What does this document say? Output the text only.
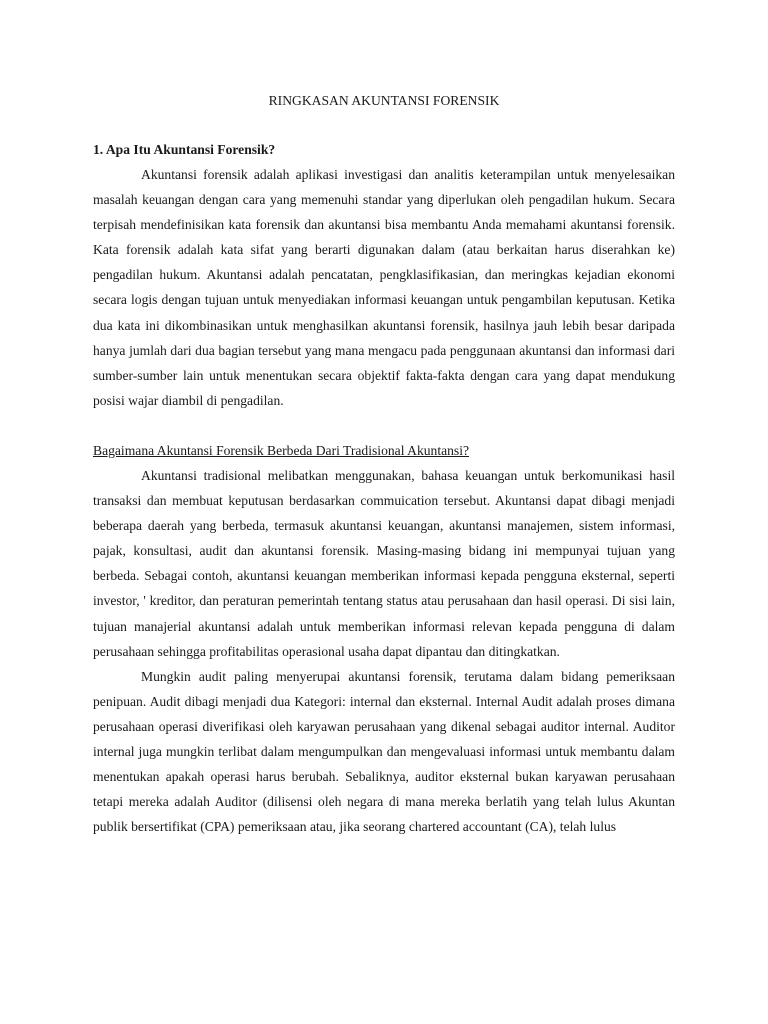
RINGKASAN AKUNTANSI FORENSIK

1. Apa Itu Akuntansi Forensik?

Akuntansi forensik adalah aplikasi investigasi dan analitis keterampilan untuk menyelesaikan masalah keuangan dengan cara yang memenuhi standar yang diperlukan oleh pengadilan hukum. Secara terpisah mendefinisikan kata forensik dan akuntansi bisa membantu Anda memahami akuntansi forensik. Kata forensik adalah kata sifat yang berarti digunakan dalam (atau berkaitan harus diserahkan ke) pengadilan hukum. Akuntansi adalah pencatatan, pengklasifikasian, dan meringkas kejadian ekonomi secara logis dengan tujuan untuk menyediakan informasi keuangan untuk pengambilan keputusan. Ketika dua kata ini dikombinasikan untuk menghasilkan akuntansi forensik, hasilnya jauh lebih besar daripada hanya jumlah dari dua bagian tersebut yang mana mengacu pada penggunaan akuntansi dan informasi dari sumber-sumber lain untuk menentukan secara objektif fakta-fakta dengan cara yang dapat mendukung posisi wajar diambil di pengadilan.

Bagaimana Akuntansi Forensik Berbeda Dari Tradisional Akuntansi?

Akuntansi tradisional melibatkan menggunakan, bahasa keuangan untuk berkomunikasi hasil transaksi dan membuat keputusan berdasarkan commuication tersebut. Akuntansi dapat dibagi menjadi beberapa daerah yang berbeda, termasuk akuntansi keuangan, akuntansi manajemen, sistem informasi, pajak, konsultasi, audit dan akuntansi forensik. Masing-masing bidang ini mempunyai tujuan yang berbeda. Sebagai contoh, akuntansi keuangan memberikan informasi kepada pengguna eksternal, seperti investor, ' kreditor, dan peraturan pemerintah tentang status atau perusahaan dan hasil operasi. Di sisi lain, tujuan manajerial akuntansi adalah untuk memberikan informasi relevan kepada pengguna di dalam perusahaan sehingga profitabilitas operasional usaha dapat dipantau dan ditingkatkan.

Mungkin audit paling menyerupai akuntansi forensik, terutama dalam bidang pemeriksaan penipuan. Audit dibagi menjadi dua Kategori: internal dan eksternal. Internal Audit adalah proses dimana perusahaan operasi diverifikasi oleh karyawan perusahaan yang dikenal sebagai auditor internal. Auditor internal juga mungkin terlibat dalam mengumpulkan dan mengevaluasi informasi untuk membantu dalam menentukan apakah operasi harus berubah. Sebaliknya, auditor eksternal bukan karyawan perusahaan tetapi mereka adalah Auditor (dilisensi oleh negara di mana mereka berlatih yang telah lulus Akuntan publik bersertifikat (CPA) pemeriksaan atau, jika seorang chartered accountant (CA), telah lulus
